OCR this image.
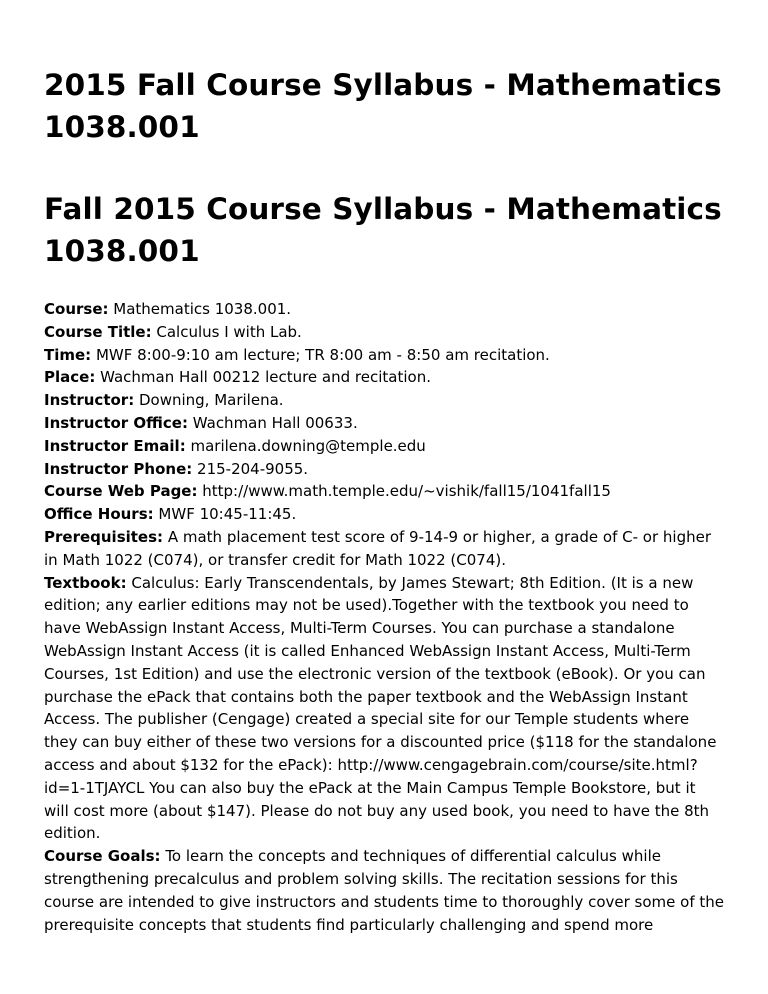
2015 Fall Course Syllabus - Mathematics 1038.001
Fall 2015 Course Syllabus - Mathematics 1038.001

Course: Mathematics 1038.001.

Course Title: Calculus I with Lab.

Time: MWF 8:00-9:10 am lecture; TR 8:00 am - 8:50 am recitation.

Place: Wachman Hall 00212 lecture and recitation.

Instructor: Downing, Marilena.

Instructor Office: Wachman Hall 00633.

Instructor Email: marilena.downing@temple.edu

Instructor Phone: 215-204-9055.

Course Web Page: http://www.math.temple.edu/~vishik/fall15/1041fall15

Office Hours: MWF 10:45-11:45.

Prerequisites: A math placement test score of 9-14-9 or higher, a grade of C- or higher in Math 1022 (C074), or transfer credit for Math 1022 (C074).

Textbook: Calculus: Early Transcendentals, by James Stewart; 8th Edition. (It is a new edition; any earlier editions may not be used).Together with the textbook you need to have WebAssign Instant Access, Multi-Term Courses. You can purchase a standalone WebAssign Instant Access (it is called Enhanced WebAssign Instant Access, Multi-Term Courses, 1st Edition) and use the electronic version of the textbook (eBook). Or you can purchase the ePack that contains both the paper textbook and the WebAssign Instant Access. The publisher (Cengage) created a special site for our Temple students where they can buy either of these two versions for a discounted price ($118 for the standalone access and about $132 for the ePack): http://www.cengagebrain.com/course/site.html?id=1-1TJAYCL You can also buy the ePack at the Main Campus Temple Bookstore, but it will cost more (about $147). Please do not buy any used book, you need to have the 8th edition.

Course Goals: To learn the concepts and techniques of differential calculus while strengthening precalculus and problem solving skills. The recitation sessions for this course are intended to give instructors and students time to thoroughly cover some of the prerequisite concepts that students find particularly challenging and spend more
